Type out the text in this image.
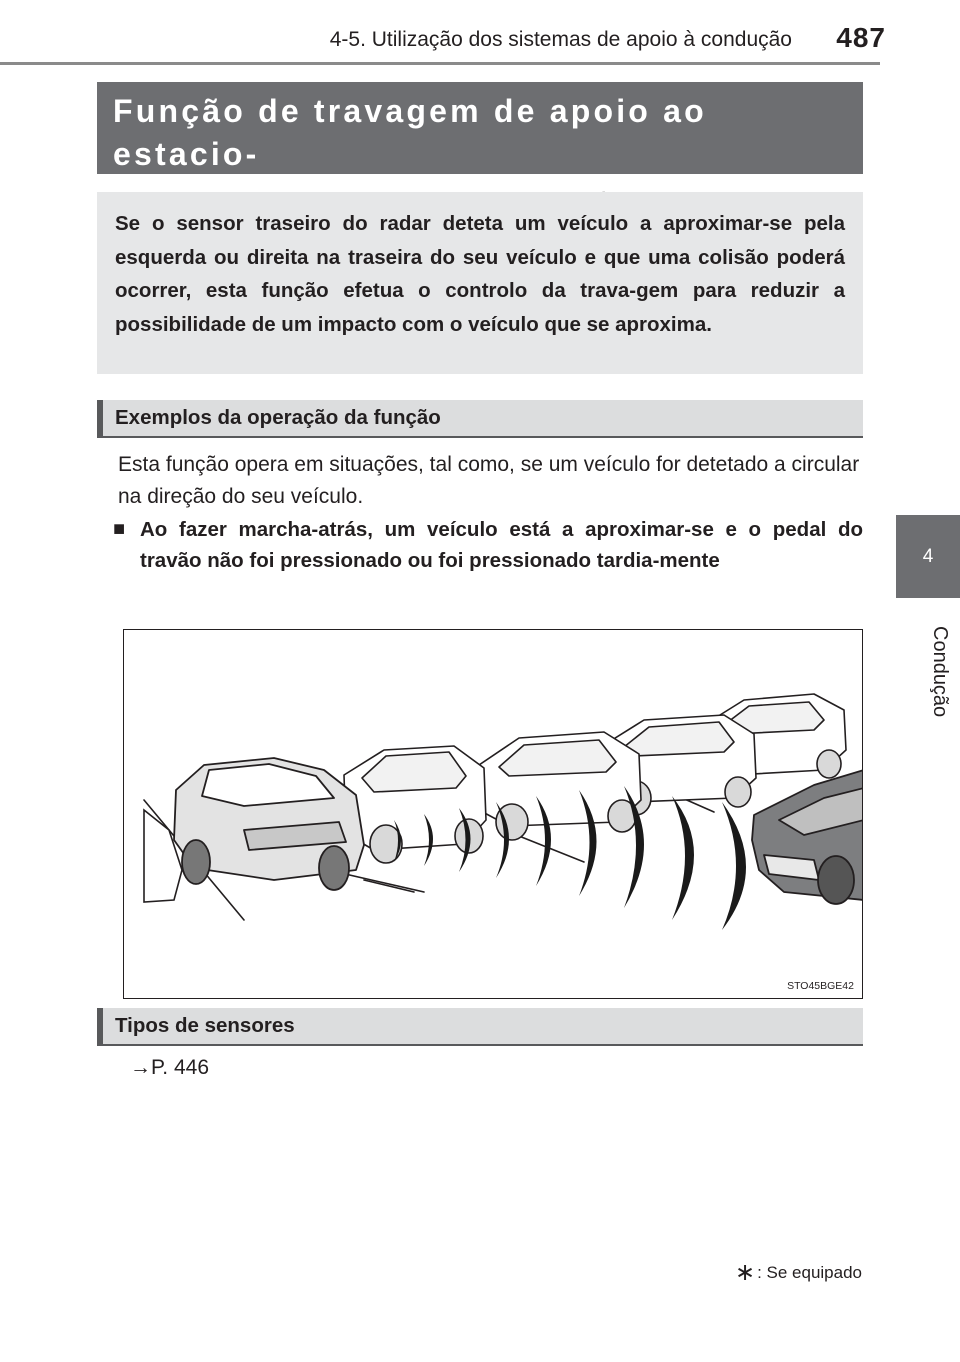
4-5. Utilização dos sistemas de apoio à condução 487
4
Condução

Função de travagem de apoio ao estacio-

Se o sensor traseiro do radar deteta um veículo a aproximar-se pela esquerda ou direita na traseira do seu veículo e que uma colisão poderá ocorrer, esta função efetua o controlo da trava-gem para reduzir a possibilidade de um impacto com o veículo que se aproxima.

Exemplos da operação da função

Esta função opera em situações, tal como, se um veículo for detetado a circular na direção do seu veículo.

■ Ao fazer marcha-atrás, um veículo está a aproximar-se e o pedal do travão não foi pressionado ou foi pressionado tardia-mente

STO45BGE42
Tipos de sensores

→P. 446

∗ : Se equipado
